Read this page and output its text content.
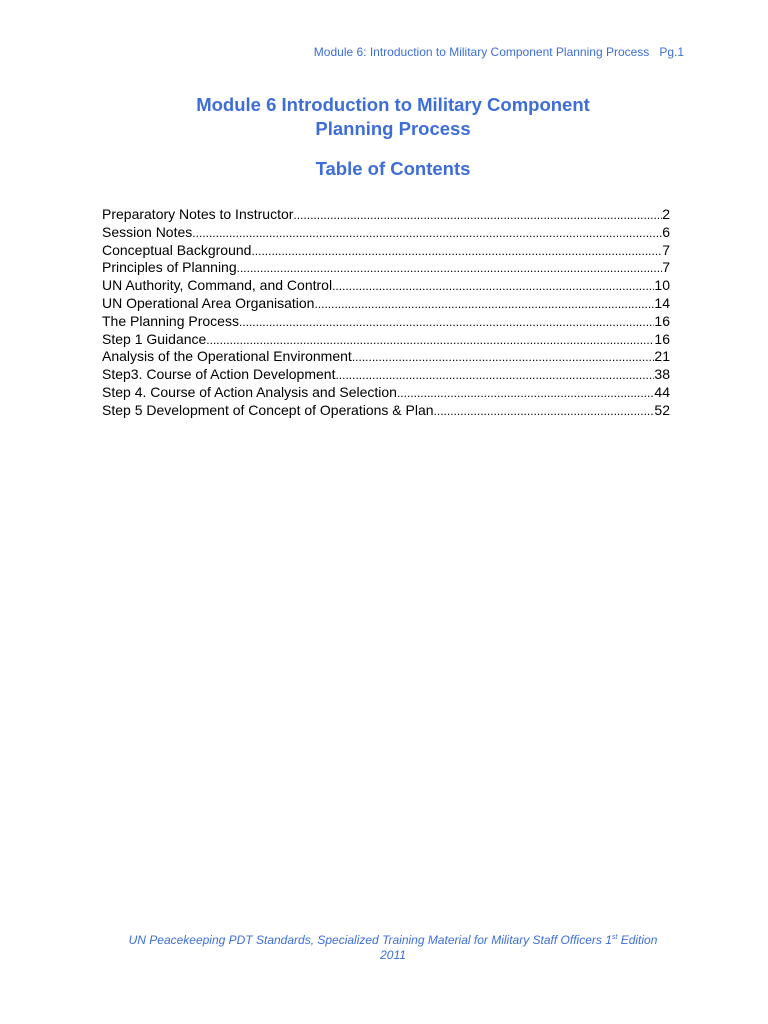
Module 6: Introduction to Military Component Planning Process Pg.1
Module 6 Introduction to Military Component
Planning Process
Table of Contents
Preparatory Notes to Instructor .....	2
Session Notes .....	6
Conceptual Background .....	7
Principles of Planning .....	7
UN Authority, Command, and Control .....	10
UN Operational Area Organisation .....	14
The Planning Process .....	16
Step 1 Guidance .....	16
Analysis of the Operational Environment .....	21
Step3. Course of Action Development .....	38
Step 4. Course of Action Analysis and Selection .....	44
Step 5 Development of Concept of Operations & Plan .....	52
UN Peacekeeping PDT Standards, Specialized Training Material for Military Staff Officers 1st Edition
2011
